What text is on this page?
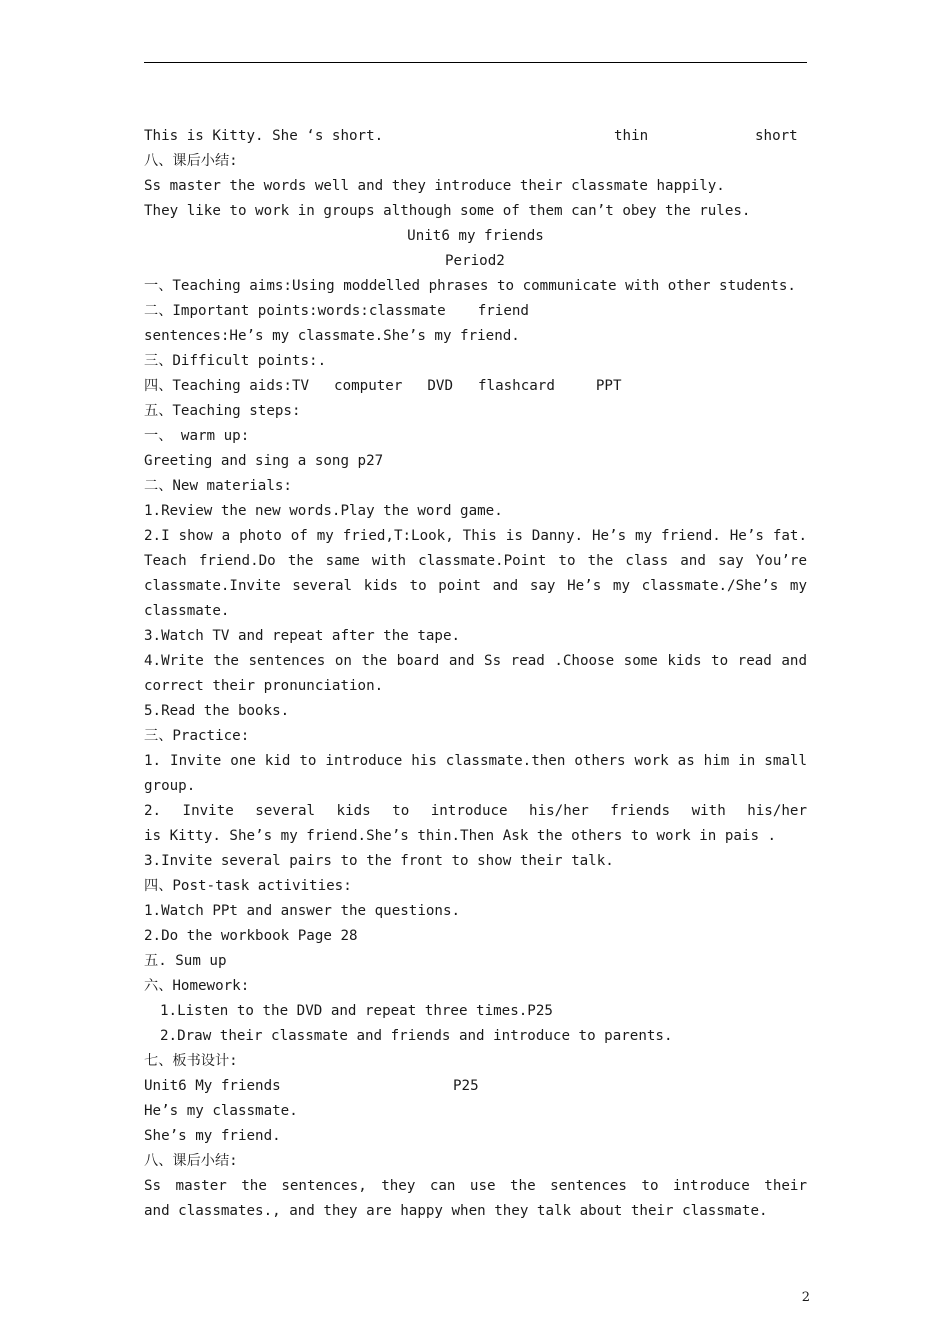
This is Kitty. She ‘s short.	thin	short
八、课后小结:
Ss master the words well and they introduce their classmate happily.
They like to work in groups although some of them can’t obey the rules.
Unit6 my friends
Period2
一、Teaching aims:Using moddelled phrases to communicate with other students.
二、Important points:words:classmate friend
sentences:He’s my classmate.She’s my friend.
三、Difficult points:.
四、Teaching aids:TV computer DVD flashcard	PPT
五、Teaching steps:
一、 warm up:
Greeting and sing a song p27
二、New materials:
1.Review the new words.Play the word game.
2.I show a photo of my fried,T:Look, This is Danny. He’s my friend. He’s fat.
Teach friend.Do the same with classmate.Point to the class and say You’re
classmate.Invite several kids to point and say He’s my classmate./She’s my
classmate.
3.Watch TV and repeat after the tape.
4.Write the sentences on the board and Ss read .Choose some kids to read and
correct their pronunciation.
5.Read the books.
三、Practice:
1. Invite one kid to introduce his classmate.then others work as him in small
group.
2. Invite several kids to introduce his/her friends with his/her
is Kitty. She’s my friend.She’s thin.Then Ask the others to work in pais .
3.Invite several pairs to the front to show their talk.
四、Post-task activities:
1.Watch PPt and answer the questions.
2.Do the workbook Page 28
五. Sum up
六、Homework:
1.Listen to the DVD and repeat three times.P25
2.Draw their classmate and friends and introduce to parents.
七、板书设计:
Unit6 My friends	P25
He’s my classmate.
She’s my friend.
八、课后小结:
Ss master the sentences, they can use the sentences to introduce their
and classmates., and they are happy when they talk about their classmate.
2
